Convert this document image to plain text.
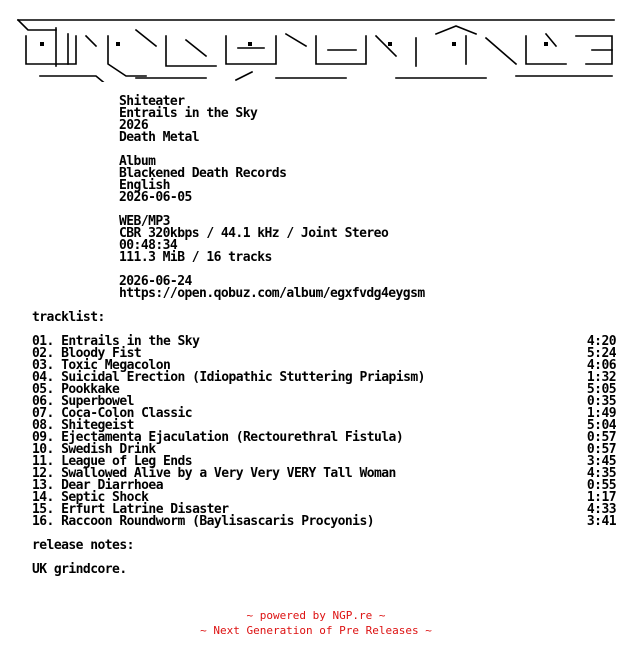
Shiteater
Entrails in the Sky
2026
Death Metal
Album
Blackened Death Records
English
2026-06-05
WEB/MP3
CBR 320kbps / 44.1 kHz / Joint Stereo
00:48:34
111.3 MiB / 16 tracks
2026-06-24
https://open.qobuz.com/album/egxfvdg4eygsm
tracklist:
01. Entrails in the Sky	4:20
02. Bloody Fist	5:24
03. Toxic Megacolon	4:06
04. Suicidal Erection (Idiopathic Stuttering Priapism)	1:32
05. Pookkake	5:05
06. Superbowel	0:35
07. Coca-Colon Classic	1:49
08. Shitegeist	5:04
09. Ejectamenta Ejaculation (Rectourethral Fistula)	0:57
10. Swedish Drink	0:57
11. League of Leg Ends	3:45
12. Swallowed Alive by a Very Very VERY Tall Woman	4:35
13. Dear Diarrhoea	0:55
14. Septic Shock	1:17
15. Erfurt Latrine Disaster	4:33
16. Raccoon Roundworm (Baylisascaris Procyonis)	3:41
release notes:
UK grindcore.
~ powered by NGP.re ~
~ Next Generation of Pre Releases ~
